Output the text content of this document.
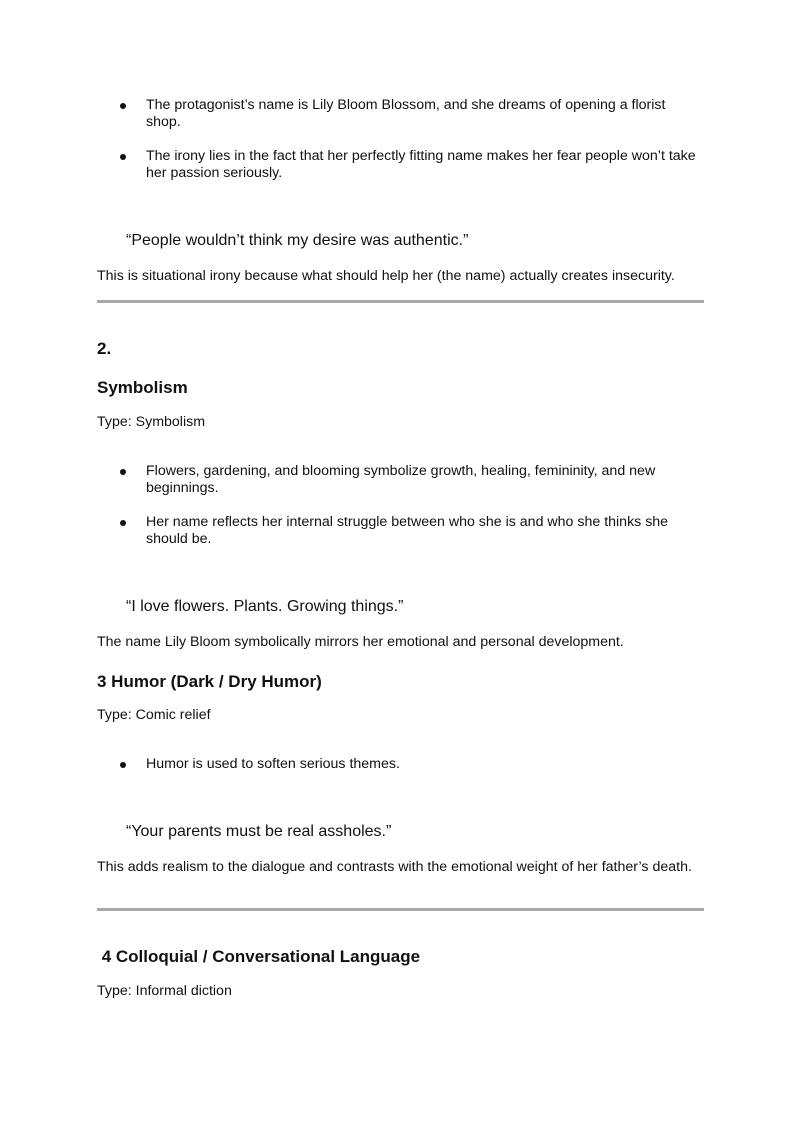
The protagonist’s name is Lily Bloom Blossom, and she dreams of opening a florist shop.
The irony lies in the fact that her perfectly fitting name makes her fear people won’t take her passion seriously.
“People wouldn’t think my desire was authentic.”
This is situational irony because what should help her (the name) actually creates insecurity.
2.
Symbolism
Type: Symbolism
Flowers, gardening, and blooming symbolize growth, healing, femininity, and new beginnings.
Her name reflects her internal struggle between who she is and who she thinks she should be.
“I love flowers. Plants. Growing things.”
The name Lily Bloom symbolically mirrors her emotional and personal development.
3 Humor (Dark / Dry Humor)
Type: Comic relief
Humor is used to soften serious themes.
“Your parents must be real assholes.”
This adds realism to the dialogue and contrasts with the emotional weight of her father’s death.
4 Colloquial / Conversational Language
Type: Informal diction
